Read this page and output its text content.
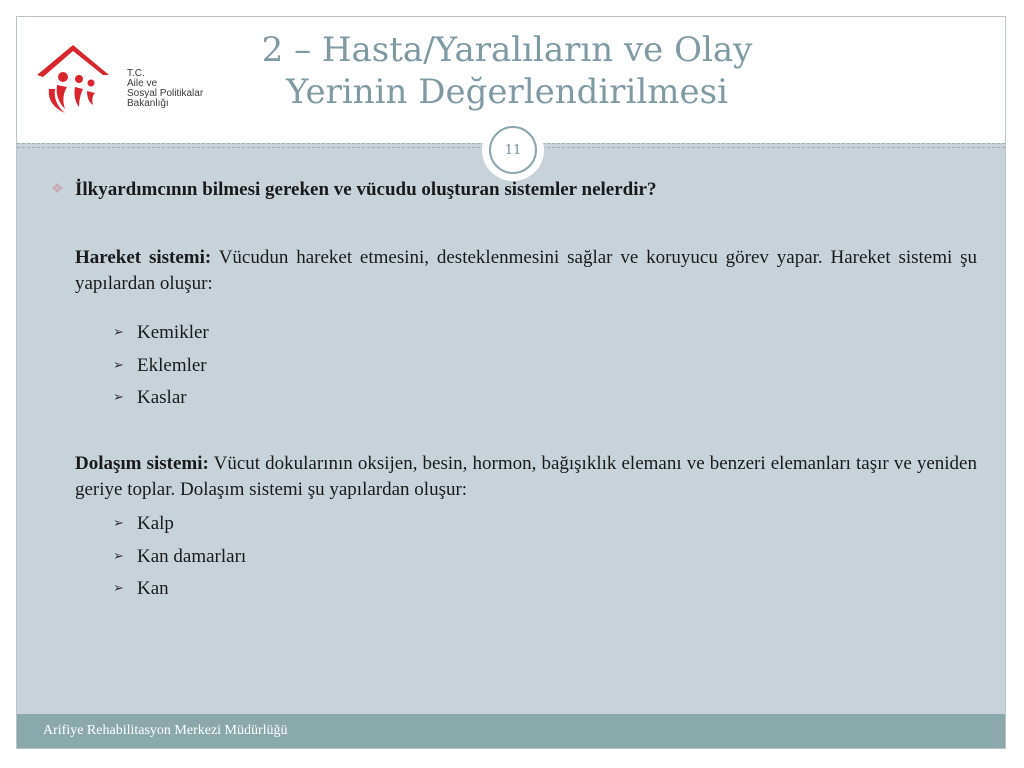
T.C.
Aile ve
Sosyal Politikalar
Bakanlığı
2 – Hasta/Yaralıların ve Olay
Yerinin Değerlendirilmesi
11
❖ İlkyardımcının bilmesi gereken ve vücudu oluşturan sistemler nelerdir?
Hareket sistemi: Vücudun hareket etmesini, desteklenmesini sağlar ve koruyucu görev yapar. Hareket sistemi şu yapılardan oluşur:
➢ Kemikler
➢ Eklemler
➢ Kaslar
Dolaşım sistemi: Vücut dokularının oksijen, besin, hormon, bağışıklık elemanı ve benzeri elemanları taşır ve yeniden geriye toplar. Dolaşım sistemi şu yapılardan oluşur:
➢ Kalp
➢ Kan damarları
➢ Kan
Arifiye Rehabilitasyon Merkezi Müdürlüğü
